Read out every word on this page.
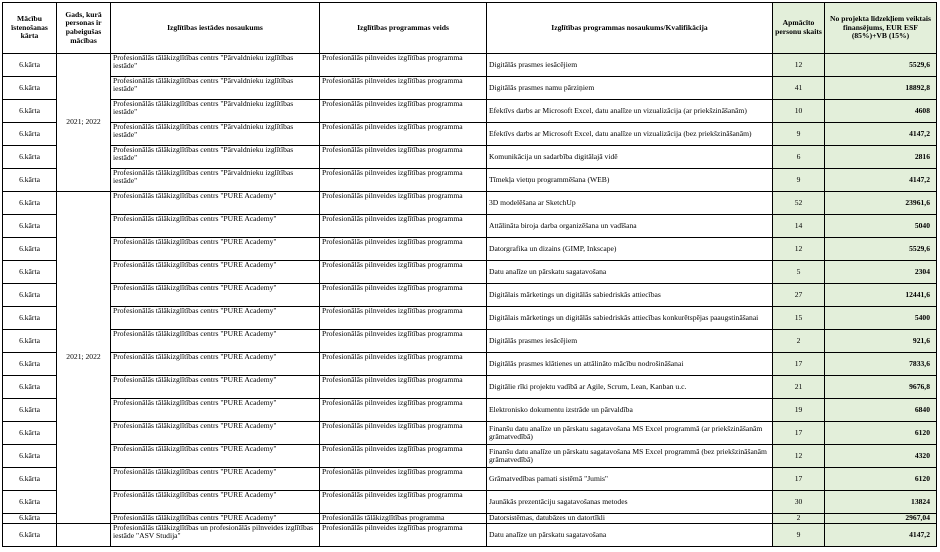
Mācību īstenošanas kārta	Gads, kurā personas ir pabeigušas mācības	Izglītības iestādes nosaukums	Izglītības programmas veids	Izglītības programmas nosaukums/Kvalifikācija	Apmācīto personu skaits	No projekta līdzekļiem veiktais finansējums, EUR ESF (85%)+VB (15%)
6.kārta	2021; 2022	Profesionālās tālākizglītības centrs "Pārvaldnieku izglītības iestāde"	Profesionālās pilnveides izglītības programma	Digitālās prasmes iesācējiem	12	5529,6
6.kārta		Profesionālās tālākizglītības centrs "Pārvaldnieku izglītības iestāde"	Profesionālās pilnveides izglītības programma	Digitālās prasmes namu pārziņiem	41	18892,8
6.kārta		Profesionālās tālākizglītības centrs "Pārvaldnieku izglītības iestāde"	Profesionālās pilnveides izglītības programma	Efektīvs darbs ar Microsoft Excel, datu analīze un vizualizācija (ar priekšzināšanām)	10	4608
6.kārta		Profesionālās tālākizglītības centrs "Pārvaldnieku izglītības iestāde"	Profesionālās pilnveides izglītības programma	Efektīvs darbs ar Microsoft Excel, datu analīze un vizualizācija (bez priekšzināšanām)	9	4147,2
6.kārta		Profesionālās tālākizglītības centrs "Pārvaldnieku izglītības iestāde"	Profesionālās pilnveides izglītības programma	Komunikācija un sadarbība digitālajā vidē	6	2816
6.kārta		Profesionālās tālākizglītības centrs "Pārvaldnieku izglītības iestāde"	Profesionālās pilnveides izglītības programma	Tīmekļa vietņu programmēšana (WEB)	9	4147,2
6.kārta	2021; 2022	Profesionālās tālākizglītības centrs "PURE Academy"	Profesionālās pilnveides izglītības programma	3D modelēšana ar SketchUp	52	23961,6
6.kārta		Profesionālās tālākizglītības centrs "PURE Academy"	Profesionālās pilnveides izglītības programma	Attālināta biroja darba organizēšana un vadīšana	14	5040
6.kārta		Profesionālās tālākizglītības centrs "PURE Academy"	Profesionālās pilnveides izglītības programma	Datorgrafika un dizains (GIMP, Inkscape)	12	5529,6
6.kārta		Profesionālās tālākizglītības centrs "PURE Academy"	Profesionālās pilnveides izglītības programma	Datu analīze un pārskatu sagatavošana	5	2304
6.kārta		Profesionālās tālākizglītības centrs "PURE Academy"	Profesionālās pilnveides izglītības programma	Digitālais mārketings un digitālās sabiedriskās attiecības	27	12441,6
6.kārta		Profesionālās tālākizglītības centrs "PURE Academy"	Profesionālās pilnveides izglītības programma	Digitālais mārketings un digitālās sabiedriskās attiecības konkurētspējas paaugstināšanai	15	5400
6.kārta		Profesionālās tālākizglītības centrs "PURE Academy"	Profesionālās pilnveides izglītības programma	Digitālās prasmes iesācējiem	2	921,6
6.kārta		Profesionālās tālākizglītības centrs "PURE Academy"	Profesionālās pilnveides izglītības programma	Digitālās prasmes klātienes un attālināto mācību nodrošināšanai	17	7833,6
6.kārta		Profesionālās tālākizglītības centrs "PURE Academy"	Profesionālās pilnveides izglītības programma	Digitālie rīki projektu vadībā ar Agile, Scrum, Lean, Kanban u.c.	21	9676,8
6.kārta		Profesionālās tālākizglītības centrs "PURE Academy"	Profesionālās pilnveides izglītības programma	Elektronisko dokumentu izstrāde un pārvaldība	19	6840
6.kārta		Profesionālās tālākizglītības centrs "PURE Academy"	Profesionālās pilnveides izglītības programma	Finanšu datu analīze un pārskatu sagatavošana MS Excel programmā (ar priekšzināšanām grāmatvedībā)	17	6120
6.kārta		Profesionālās tālākizglītības centrs "PURE Academy"	Profesionālās pilnveides izglītības programma	Finanšu datu analīze un pārskatu sagatavošana MS Excel programmā (bez priekšzināšanām grāmatvedībā)	12	4320
6.kārta		Profesionālās tālākizglītības centrs "PURE Academy"	Profesionālās pilnveides izglītības programma	Grāmatvedības pamati sistēmā "Jumis"	17	6120
6.kārta		Profesionālās tālākizglītības centrs "PURE Academy"	Profesionālās pilnveides izglītības programma	Jaunākās prezentāciju sagatavošanas metodes	30	13824
6.kārta		Profesionālās tālākizglītības centrs "PURE Academy"	Profesionālās tālākizglītības programma	Datorsistēmas, datubāzes un datortīkli	2	2967,04
6.kārta		Profesionālās tālākizglītības un profesionālās pilnveides izglītības iestāde "ASV Studija"	Profesionālās pilnveides izglītības programma	Datu analīze un pārskatu sagatavošana	9	4147,2
